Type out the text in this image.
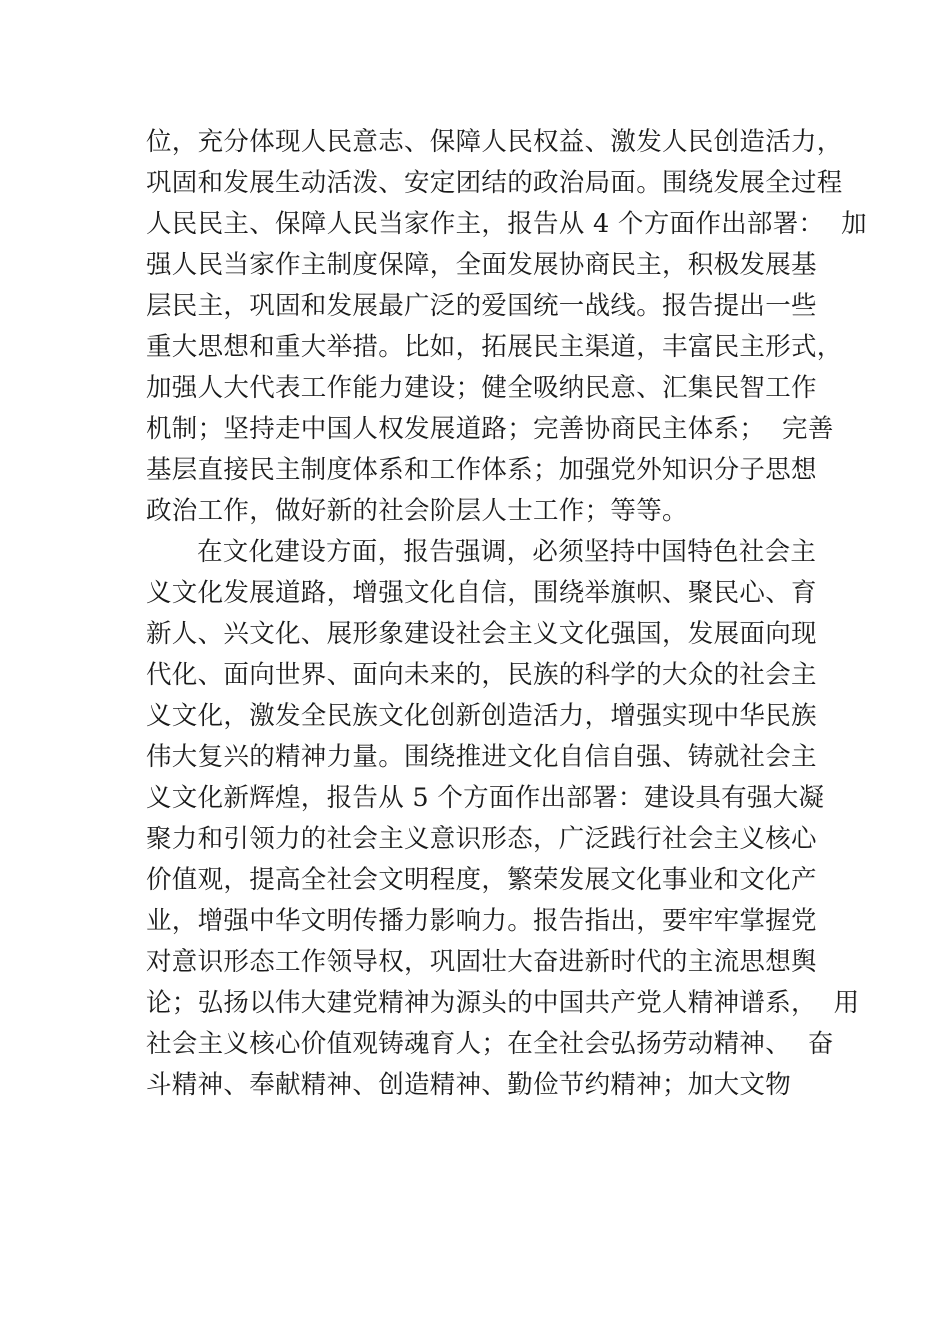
位，充分体现人民意志、保障人民权益、激发人民创造活力，
巩固和发展生动活泼、安定团结的政治局面。围绕发展全过程
人民民主、保障人民当家作主，报告从 4 个方面作出部署：  加
强人民当家作主制度保障，全面发展协商民主，积极发展基
层民主，巩固和发展最广泛的爱国统一战线。报告提出一些
重大思想和重大举措。比如，拓展民主渠道，丰富民主形式，
加强人大代表工作能力建设；健全吸纳民意、汇集民智工作
机制；坚持走中国人权发展道路；完善协商民主体系；  完善
基层直接民主制度体系和工作体系；加强党外知识分子思想
政治工作，做好新的社会阶层人士工作；等等。
在文化建设方面，报告强调，必须坚持中国特色社会主
义文化发展道路，增强文化自信，围绕举旗帜、聚民心、育
新人、兴文化、展形象建设社会主义文化强国，发展面向现
代化、面向世界、面向未来的，民族的科学的大众的社会主
义文化，激发全民族文化创新创造活力，增强实现中华民族
伟大复兴的精神力量。围绕推进文化自信自强、铸就社会主
义文化新辉煌，报告从 5 个方面作出部署：建设具有强大凝
聚力和引领力的社会主义意识形态，广泛践行社会主义核心
价值观，提高全社会文明程度，繁荣发展文化事业和文化产
业，增强中华文明传播力影响力。报告指出，要牢牢掌握党
对意识形态工作领导权，巩固壮大奋进新时代的主流思想舆
论；弘扬以伟大建党精神为源头的中国共产党人精神谱系，  用
社会主义核心价值观铸魂育人；在全社会弘扬劳动精神、  奋
斗精神、奉献精神、创造精神、勤俭节约精神；加大文物
